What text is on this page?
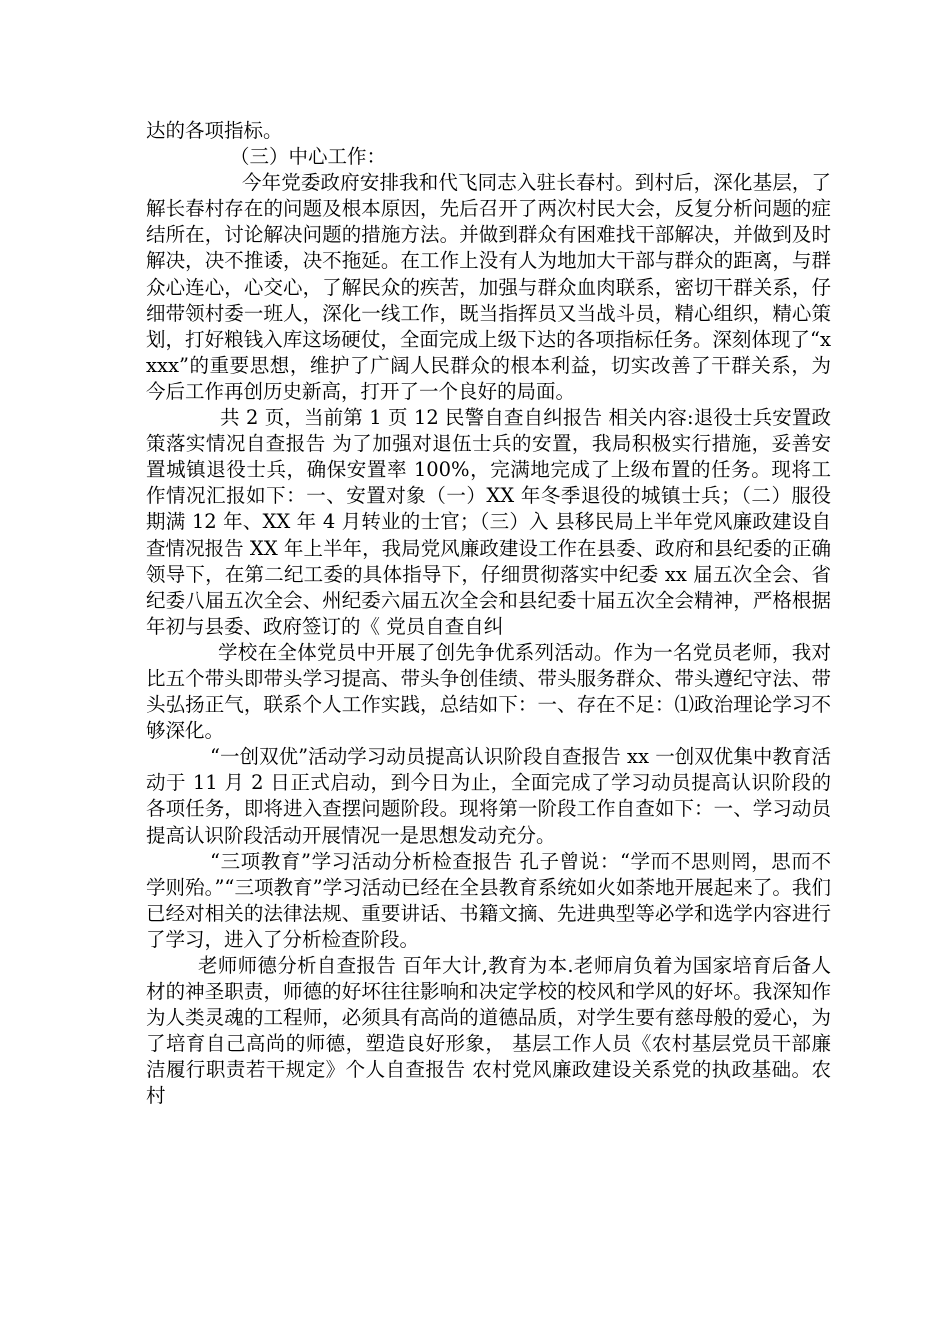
达的各项指标。

（三）中心工作：

今年党委政府安排我和代飞同志入驻长春村。到村后，深化基层，了解长春村存在的问题及根本原因，先后召开了两次村民大会，反复分析问题的症结所在，讨论解决问题的措施方法。并做到群众有困难找干部解决，并做到及时解决，决不推诿，决不拖延。在工作上没有人为地加大干部与群众的距离，与群众心连心，心交心，了解民众的疾苦，加强与群众血肉联系，密切干群关系，仔细带领村委一班人，深化一线工作，既当指挥员又当战斗员，精心组织，精心策划，打好粮钱入库这场硬仗，全面完成上级下达的各项指标任务。深刻体现了“xxxx”的重要思想，维护了广阔人民群众的根本利益，切实改善了干群关系，为今后工作再创历史新高，打开了一个良好的局面。

共 2 页，当前第 1 页 12 民警自查自纠报告 相关内容:退役士兵安置政策落实情况自查报告 为了加强对退伍士兵的安置，我局积极实行措施，妥善安置城镇退役士兵，确保安置率 100%，完满地完成了上级布置的任务。现将工作情况汇报如下：一、安置对象（一）XX 年冬季退役的城镇士兵；（二）服役期满 12 年、XX 年 4 月转业的士官；（三）入 县移民局上半年党风廉政建设自查情况报告 XX 年上半年，我局党风廉政建设工作在县委、政府和县纪委的正确领导下，在第二纪工委的具体指导下，仔细贯彻落实中纪委 xx 届五次全会、省纪委八届五次全会、州纪委六届五次全会和县纪委十届五次全会精神，严格根据年初与县委、政府签订的《 党员自查自纠

学校在全体党员中开展了创先争优系列活动。作为一名党员老师，我对比五个带头即带头学习提高、带头争创佳绩、带头服务群众、带头遵纪守法、带头弘扬正气，联系个人工作实践，总结如下：一、存在不足：⑴政治理论学习不够深化。

“一创双优”活动学习动员提高认识阶段自查报告 xx 一创双优集中教育活动于 11 月 2 日正式启动，到今日为止，全面完成了学习动员提高认识阶段的各项任务，即将进入查摆问题阶段。现将第一阶段工作自查如下：一、学习动员提高认识阶段活动开展情况一是思想发动充分。

“三项教育”学习活动分析检查报告 孔子曾说：“学而不思则罔，思而不学则殆。”“三项教育”学习活动已经在全县教育系统如火如荼地开展起来了。我们已经对相关的法律法规、重要讲话、书籍文摘、先进典型等必学和选学内容进行了学习，进入了分析检查阶段。

老师师德分析自查报告 百年大计,教育为本.老师肩负着为国家培育后备人材的神圣职责，师德的好坏往往影响和决定学校的校风和学风的好坏。我深知作为人类灵魂的工程师，必须具有高尚的道德品质，对学生要有慈母般的爱心，为了培育自己高尚的师德，塑造良好形象， 基层工作人员《农村基层党员干部廉洁履行职责若干规定》个人自查报告 农村党风廉政建设关系党的执政基础。农村
